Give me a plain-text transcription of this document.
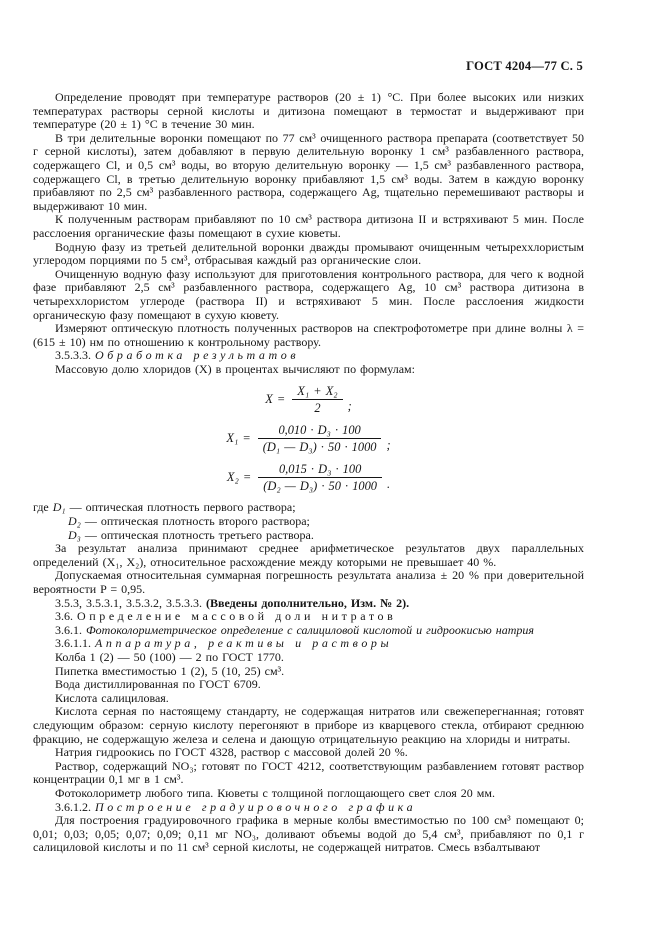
ГОСТ 4204—77 С. 5

Определение проводят при температуре растворов (20 ± 1) °С. При более высоких или низких температурах растворы серной кислоты и дитизона помещают в термостат и выдерживают при температуре (20 ± 1) °С в течение 30 мин.

В три делительные воронки помещают по 77 см³ очищенного раствора препарата (соответствует 50 г серной кислоты), затем добавляют в первую делительную воронку 1 см³ разбавленного раствора, содержащего Cl, и 0,5 см³ воды, во вторую делительную воронку — 1,5 см³ разбавленного раствора, содержащего Cl, в третью делительную воронку прибавляют 1,5 см³ воды. Затем в каждую воронку прибавляют по 2,5 см³ разбавленного раствора, содержащего Ag, тщательно перемешивают растворы и выдерживают 10 мин.

К полученным растворам прибавляют по 10 см³ раствора дитизона II и встряхивают 5 мин. После расслоения органические фазы помещают в сухие кюветы.

Водную фазу из третьей делительной воронки дважды промывают очищенным четыреххлористым углеродом порциями по 5 см³, отбрасывая каждый раз органические слои.

Очищенную водную фазу используют для приготовления контрольного раствора, для чего к водной фазе прибавляют 2,5 см³ разбавленного раствора, содержащего Ag, 10 см³ раствора дитизона в четыреххлористом углероде (раствора II) и встряхивают 5 мин. После расслоения жидкости органическую фазу помещают в сухую кювету.

Измеряют оптическую плотность полученных растворов на спектрофотометре при длине волны λ = (615 ± 10) нм по отношению к контрольному раствору.

3.5.3.3. Обработка результатов

Массовую долю хлоридов (X) в процентах вычисляют по формулам:

$X = \frac{\text{X₁ + X₂}}{2}$ ;
$X_1 = \frac{\text{0,010 · D₃ · 100}}{\text{(D₁ — D₃) · 50 · 1000}}$ ;
$X_2 = \frac{\text{0,015 · D₃ · 100}}{\text{(D₂ — D₃) · 50 · 1000}}$ .

где D₁ — оптическая плотность первого раствора;

D₂ — оптическая плотность второго раствора;

D₃ — оптическая плотность третьего раствора.

За результат анализа принимают среднее арифметическое результатов двух параллельных определений (X₁, X₂), относительное расхождение между которыми не превышает 40 %.

Допускаемая относительная суммарная погрешность результата анализа ± 20 % при доверительной вероятности P = 0,95.

3.5.3, 3.5.3.1, 3.5.3.2, 3.5.3.3. (Введены дополнительно, Изм. № 2).

3.6. Определение массовой доли нитратов

3.6.1. Фотоколориметрическое определение с салициловой кислотой и гидроокисью натрия

3.6.1.1. Аппаратура, реактивы и растворы

Колба 1 (2) — 50 (100) — 2 по ГОСТ 1770.

Пипетка вместимостью 1 (2), 5 (10, 25) см³.

Вода дистиллированная по ГОСТ 6709.

Кислота салициловая.

Кислота серная по настоящему стандарту, не содержащая нитратов или свежеперегнанная; готовят следующим образом: серную кислоту перегоняют в приборе из кварцевого стекла, отбирают среднюю фракцию, не содержащую железа и селена и дающую отрицательную реакцию на хлориды и нитраты.

Натрия гидроокись по ГОСТ 4328, раствор с массовой долей 20 %.

Раствор, содержащий NO₃; готовят по ГОСТ 4212, соответствующим разбавлением готовят раствор концентрации 0,1 мг в 1 см³.

Фотоколориметр любого типа. Кюветы с толщиной поглощающего свет слоя 20 мм.

3.6.1.2. Построение градуировочного графика

Для построения градуировочного графика в мерные колбы вместимостью по 100 см³ помещают 0; 0,01; 0,03; 0,05; 0,07; 0,09; 0,11 мг NO₃, доливают объемы водой до 5,4 см³, прибавляют по 0,1 г салициловой кислоты и по 11 см³ серной кислоты, не содержащей нитратов. Смесь взбалтывают
